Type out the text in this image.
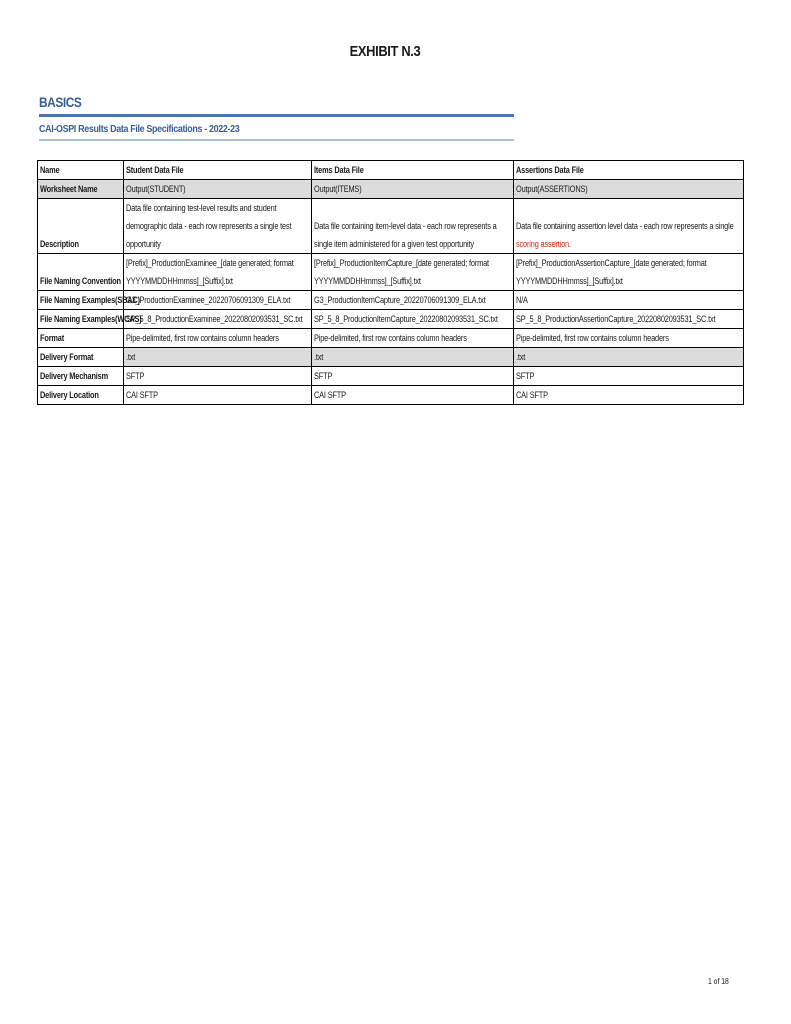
EXHIBIT N.3
BASICS
CAI-OSPI Results Data File Specifications - 2022-23
Name	Student Data File	Items Data File	Assertions Data File
Worksheet Name	Output(STUDENT)	Output(ITEMS)	Output(ASSERTIONS)
Description	Data file containing test-level results and student demographic data - each row represents a single test opportunity	Data file containing item-level data - each row represents a single item administered for a given test opportunity	Data file containing assertion level data - each row represents a single scoring assertion.
File Naming Convention	[Prefix]_ProductionExaminee_[date generated; format YYYYMMDDHHmmss]_[Suffix].txt	[Prefix]_ProductionItemCapture_[date generated; format YYYYMMDDHHmmss]_[Suffix].txt	[Prefix]_ProductionAssertionCapture_[date generated; format YYYYMMDDHHmmss]_[Suffix].txt
File Naming Examples(SBAC)	G3_ProductionExaminee_20220706091309_ELA.txt	G3_ProductionItemCapture_20220706091309_ELA.txt	N/A
File Naming Examples(WCAS)	SP_5_8_ProductionExaminee_20220802093531_SC.txt	SP_5_8_ProductionItemCapture_20220802093531_SC.txt	SP_5_8_ProductionAssertionCapture_20220802093531_SC.txt
Format	Pipe-delimited, first row contains column headers	Pipe-delimited, first row contains column headers	Pipe-delimited, first row contains column headers
Delivery Format	.txt	.txt	.txt
Delivery Mechanism	SFTP	SFTP	SFTP
Delivery Location	CAI SFTP	CAI SFTP	CAI SFTP
1 of 18
